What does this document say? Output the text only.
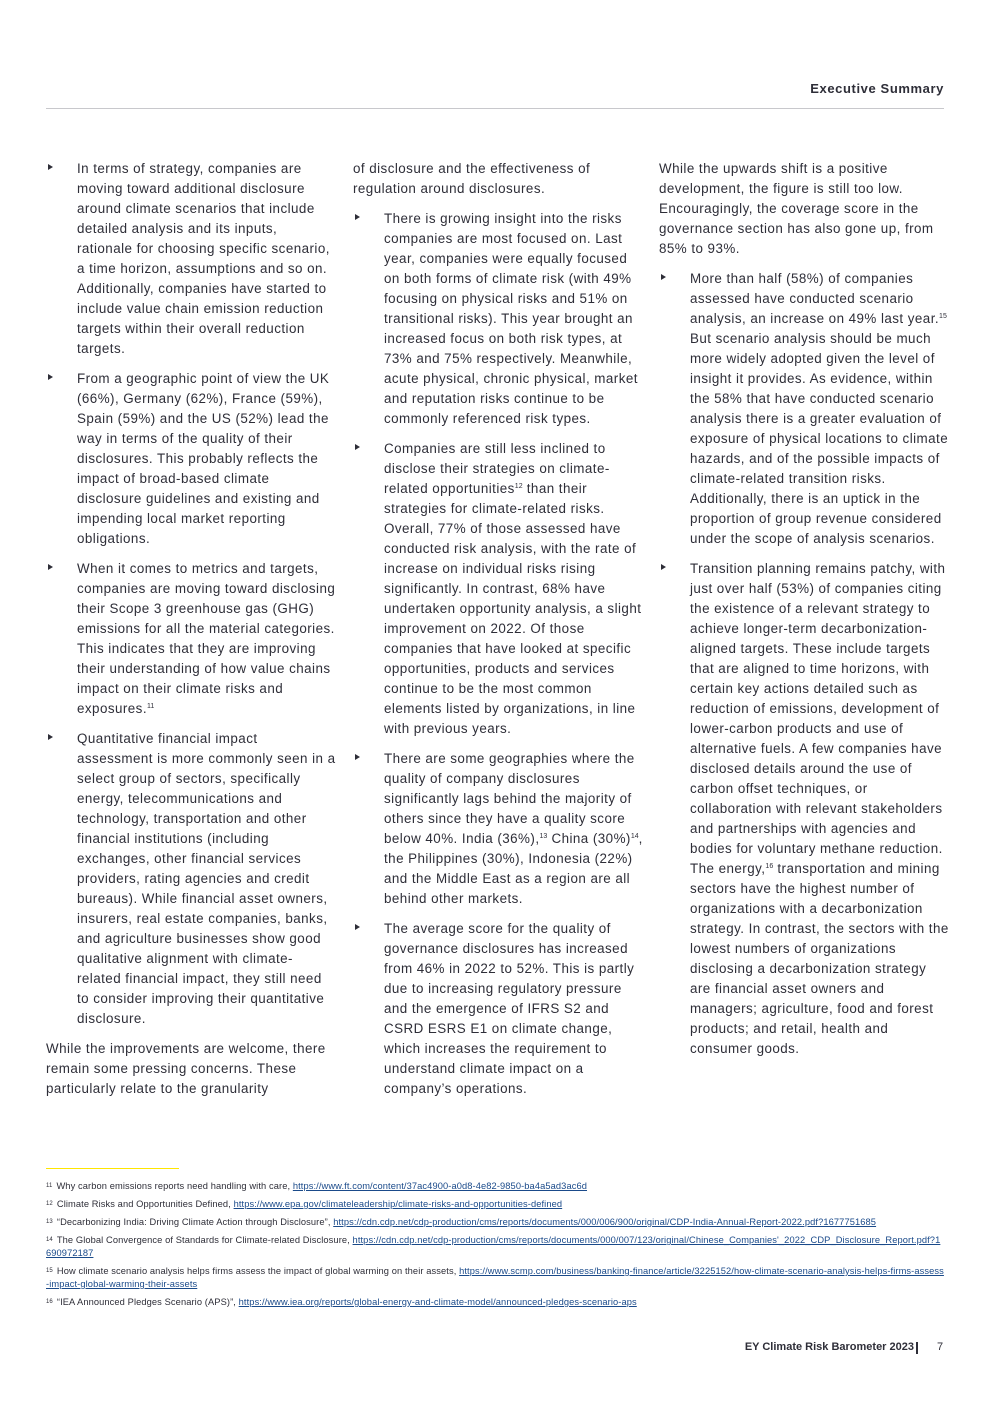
Executive Summary
In terms of strategy, companies are moving toward additional disclosure around climate scenarios that include detailed analysis and its inputs, rationale for choosing specific scenario, a time horizon, assumptions and so on. Additionally, companies have started to include value chain emission reduction targets within their overall reduction targets.
From a geographic point of view the UK (66%), Germany (62%), France (59%), Spain (59%) and the US (52%) lead the way in terms of the quality of their disclosures. This probably reflects the impact of broad-based climate disclosure guidelines and existing and impending local market reporting obligations.
When it comes to metrics and targets, companies are moving toward disclosing their Scope 3 greenhouse gas (GHG) emissions for all the material categories. This indicates that they are improving their understanding of how value chains impact on their climate risks and exposures.$^{11}$
Quantitative financial impact assessment is more commonly seen in a select group of sectors, specifically energy, telecommunications and technology, transportation and other financial institutions (including exchanges, other financial services providers, rating agencies and credit bureaus). While financial asset owners, insurers, real estate companies, banks, and agriculture businesses show good qualitative alignment with climate-related financial impact, they still need to consider improving their quantitative disclosure.
While the improvements are welcome, there remain some pressing concerns. These particularly relate to the granularity
of disclosure and the effectiveness of regulation around disclosures.
There is growing insight into the risks companies are most focused on. Last year, companies were equally focused on both forms of climate risk (with 49% focusing on physical risks and 51% on transitional risks). This year brought an increased focus on both risk types, at 73% and 75% respectively. Meanwhile, acute physical, chronic physical, market and reputation risks continue to be commonly referenced risk types.
Companies are still less inclined to disclose their strategies on climate-related opportunities$^{12}$ than their strategies for climate-related risks. Overall, 77% of those assessed have conducted risk analysis, with the rate of increase on individual risks rising significantly. In contrast, 68% have undertaken opportunity analysis, a slight improvement on 2022. Of those companies that have looked at specific opportunities, products and services continue to be the most common elements listed by organizations, in line with previous years.
There are some geographies where the quality of company disclosures significantly lags behind the majority of others since they have a quality score below 40%. India (36%),$^{13}$ China $(30\%)^{14}$, the Philippines (30%), Indonesia (22%) and the Middle East as a region are all behind other markets.
The average score for the quality of governance disclosures has increased from 46% in 2022 to 52%. This is partly due to increasing regulatory pressure and the emergence of IFRS S2 and CSRD ESRS E1 on climate change, which increases the requirement to understand climate impact on a company’s operations.
While the upwards shift is a positive development, the figure is still too low. Encouragingly, the coverage score in the governance section has also gone up, from 85% to 93%.
More than half (58%) of companies assessed have conducted scenario analysis, an increase on 49% last year.$^{15}$ But scenario analysis should be much more widely adopted given the level of insight it provides. As evidence, within the 58% that have conducted scenario analysis there is a greater evaluation of exposure of physical locations to climate hazards, and of the possible impacts of climate-related transition risks. Additionally, there is an uptick in the proportion of group revenue considered under the scope of analysis scenarios.
Transition planning remains patchy, with just over half (53%) of companies citing the existence of a relevant strategy to achieve longer-term decarbonization-aligned targets. These include targets that are aligned to time horizons, with certain key actions detailed such as reduction of emissions, development of lower-carbon products and use of alternative fuels. A few companies have disclosed details around the use of carbon offset techniques, or collaboration with relevant stakeholders and partnerships with agencies and bodies for voluntary methane reduction. The energy,$^{16}$ transportation and mining sectors have the highest number of organizations with a decarbonization strategy. In contrast, the sectors with the lowest numbers of organizations disclosing a decarbonization strategy are financial asset owners and managers; agriculture, food and forest products; and retail, health and consumer goods.
$^{11}$ Why carbon emissions reports need handling with care, https://www.ft.com/content/37ac4900-a0d8-4e82-9850-ba4a5ad3ac6d
$^{12}$ Climate Risks and Opportunities Defined, https://www.epa.gov/climateleadership/climate-risks-and-opportunities-defined
$^{13}$ “Decarbonizing India: Driving Climate Action through Disclosure”, https://cdn.cdp.net/cdp-production/cms/reports/documents/000/006/900/original/CDP-India-Annual-Report-2022.pdf?1677751685
$^{14}$ The Global Convergence of Standards for Climate-related Disclosure, https://cdn.cdp.net/cdp-production/cms/reports/documents/000/007/123/original/Chinese_Companies'_2022_CDP_Disclosure_Report.pdf?1690972187
$^{15}$ How climate scenario analysis helps firms assess the impact of global warming on their assets, https://www.scmp.com/business/banking-finance/article/3225152/how-climate-scenario-analysis-helps-firms-assess-impact-global-warming-their-assets
$^{16}$ “IEA Announced Pledges Scenario (APS)”, https://www.iea.org/reports/global-energy-and-climate-model/announced-pledges-scenario-aps
EY Climate Risk Barometer 2023 7
